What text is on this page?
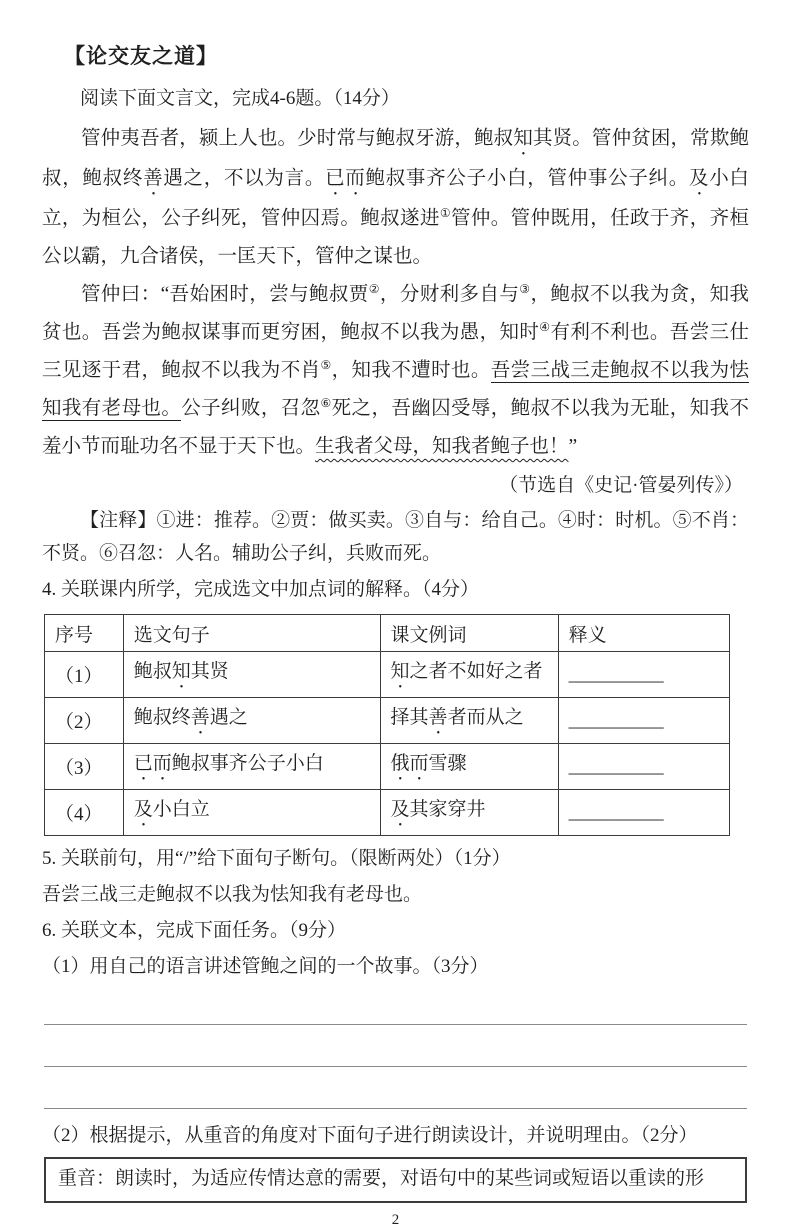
【论交友之道】
阅读下面文言文，完成4-6题。（14分）

管仲夷吾者，颍上人也。少时常与鲍叔牙游，鲍叔知其贤。管仲贫困，常欺鲍叔，鲍叔终善遇之，不以为言。已而鲍叔事齐公子小白，管仲事公子纠。及小白立，为桓公，公子纠死，管仲囚焉。鲍叔遂进①管仲。管仲既用，任政于齐，齐桓公以霸，九合诸侯，一匡天下，管仲之谋也。

管仲曰：“吾始困时，尝与鲍叔贾②，分财利多自与③，鲍叔不以我为贪，知我贫也。吾尝为鲍叔谋事而更穷困，鲍叔不以我为愚，知时④有利不利也。吾尝三仕三见逐于君，鲍叔不以我为不肖⑤，知我不遭时也。吾尝三战三走鲍叔不以我为怯知我有老母也。公子纠败，召忽⑥死之，吾幽囚受辱，鲍叔不以我为无耻，知我不羞小节而耻功名不显于天下也。生我者父母，知我者鲍子也！”

（节选自《史记·管晏列传》）
【注释】①进：推荐。②贾：做买卖。③自与：给自己。④时：时机。⑤不肖：不贤。⑥召忽：人名。辅助公子纠，兵败而死。
4. 关联课内所学，完成选文中加点词的解释。（4分）
序号	选文句子	课文例词	释义
（1）	鲍叔知其贤	知之者不如好之者	__________
（2）	鲍叔终善遇之	择其善者而从之	__________
（3）	已而鲍叔事齐公子小白	俄而雪骤	__________
（4）	及小白立	及其家穿井	__________
5. 关联前句，用“/”给下面句子断句。（限断两处）（1分）
吾尝三战三走鲍叔不以我为怯知我有老母也。
6. 关联文本，完成下面任务。（9分）
（1）用自己的语言讲述管鲍之间的一个故事。（3分）
（2）根据提示，从重音的角度对下面句子进行朗读设计，并说明理由。（2分）
重音：朗读时，为适应传情达意的需要，对语句中的某些词或短语以重读的形
2
